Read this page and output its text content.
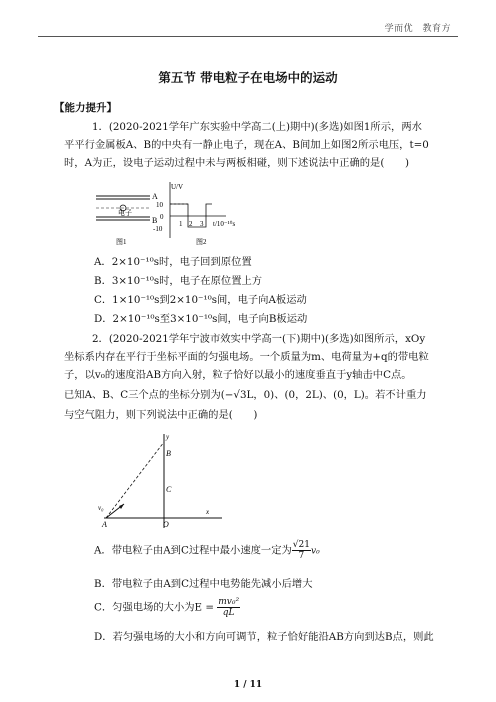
学而优 教育方
第五节 带电粒子在电场中的运动
【能力提升】
1．(2020-2021学年广东实验中学高二(上)期中)(多选)如图1所示，两水
平平行金属板A、B的中央有一静止电子，现在A、B间加上如图2所示电压，t=0
时，A为正，设电子运动过程中未与两板相碰，则下述说法中正确的是(　　)
A
B
电子
图1
U/V
10
0
-10
1 2 3 t/10⁻¹⁰s
图2
A．2×10⁻¹⁰s时，电子回到原位置
B．3×10⁻¹⁰s时，电子在原位置上方
C．1×10⁻¹⁰s到2×10⁻¹⁰s间，电子向A板运动
D．2×10⁻¹⁰s至3×10⁻¹⁰s间，电子向B板运动
2．(2020-2021学年宁波市效实中学高一(下)期中)(多选)如图所示，xOy
坐标系内存在平行于坐标平面的匀强电场。一个质量为m、电荷量为+q的带电粒
子，以v₀的速度沿AB方向入射，粒子恰好以最小的速度垂直于y轴击中C点。
已知A、B、C三个点的坐标分别为(−√3L，0)、(0，2L)、(0，L)。若不计重力
与空气阻力，则下列说法中正确的是(　　)
y
B
C
x
v₀
A	O
A．带电粒子由A到C过程中最小速度一定为 $\frac{√21}{7} v_0$
B．带电粒子由A到C过程中电势能先减小后增大
C．匀强电场的大小为$E = \frac{\text{mv₀²}}{qL}$
D．若匀强电场的大小和方向可调节，粒子恰好能沿AB方向到达B点，则此
1 / 11
